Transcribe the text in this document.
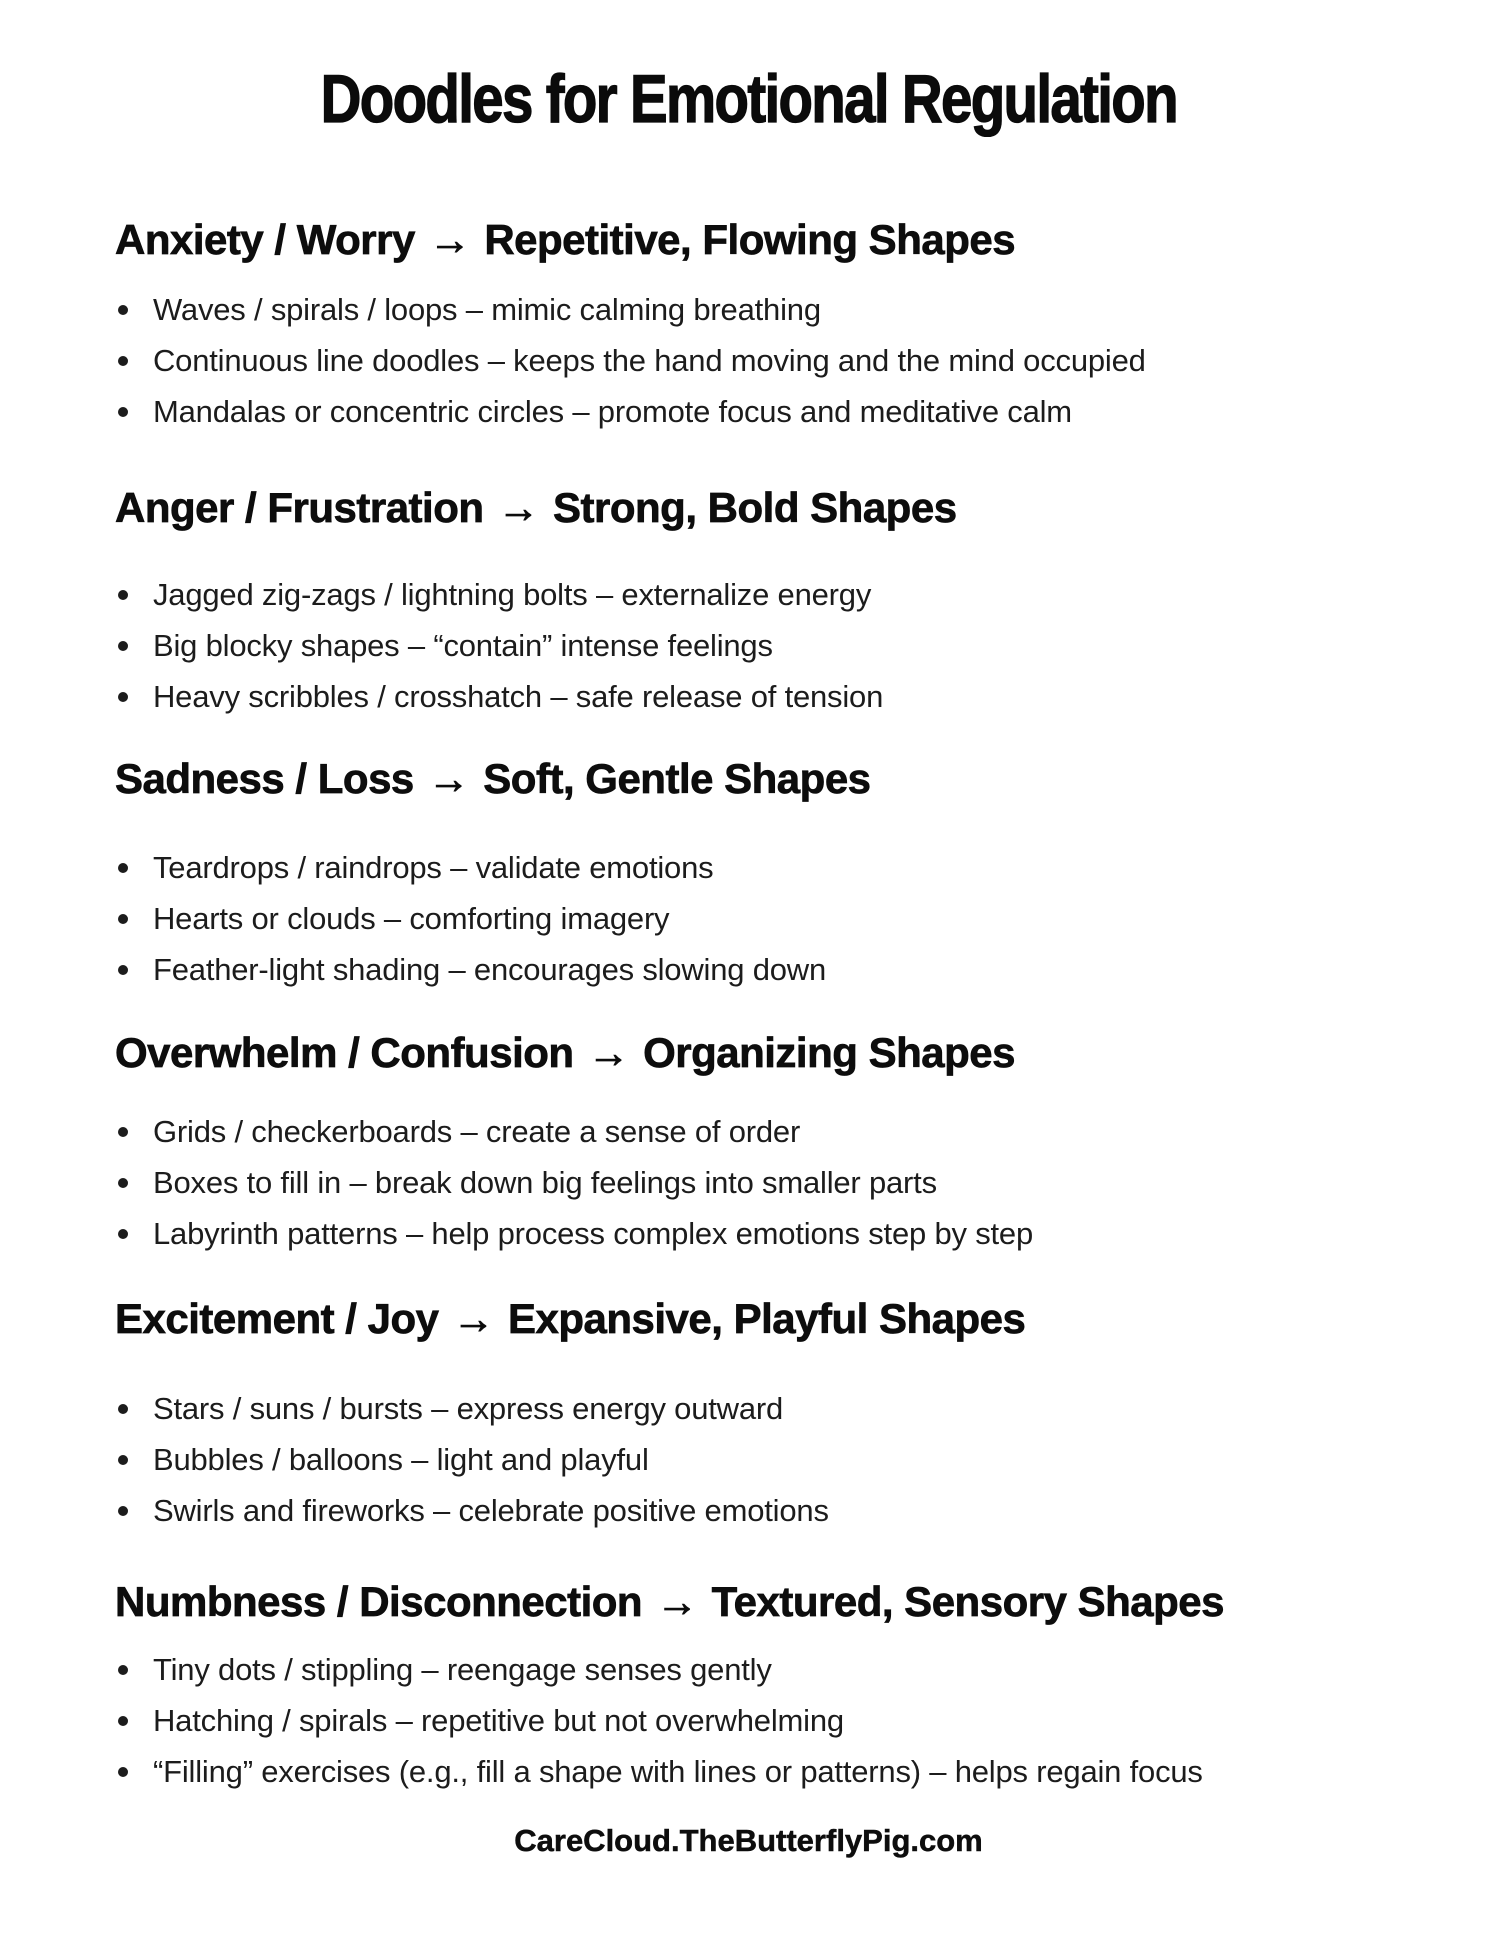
Doodles for Emotional Regulation
Anxiety / Worry → Repetitive, Flowing Shapes
Waves / spirals / loops – mimic calming breathing
Continuous line doodles – keeps the hand moving and the mind occupied
Mandalas or concentric circles – promote focus and meditative calm
Anger / Frustration → Strong, Bold Shapes
Jagged zig-zags / lightning bolts – externalize energy
Big blocky shapes – “contain” intense feelings
Heavy scribbles / crosshatch – safe release of tension
Sadness / Loss → Soft, Gentle Shapes
Teardrops / raindrops – validate emotions
Hearts or clouds – comforting imagery
Feather-light shading – encourages slowing down
Overwhelm / Confusion → Organizing Shapes
Grids / checkerboards – create a sense of order
Boxes to fill in – break down big feelings into smaller parts
Labyrinth patterns – help process complex emotions step by step
Excitement / Joy → Expansive, Playful Shapes
Stars / suns / bursts – express energy outward
Bubbles / balloons – light and playful
Swirls and fireworks – celebrate positive emotions
Numbness / Disconnection → Textured, Sensory Shapes
Tiny dots / stippling – reengage senses gently
Hatching / spirals – repetitive but not overwhelming
“Filling” exercises (e.g., fill a shape with lines or patterns) – helps regain focus
CareCloud.TheButterflyPig.com
